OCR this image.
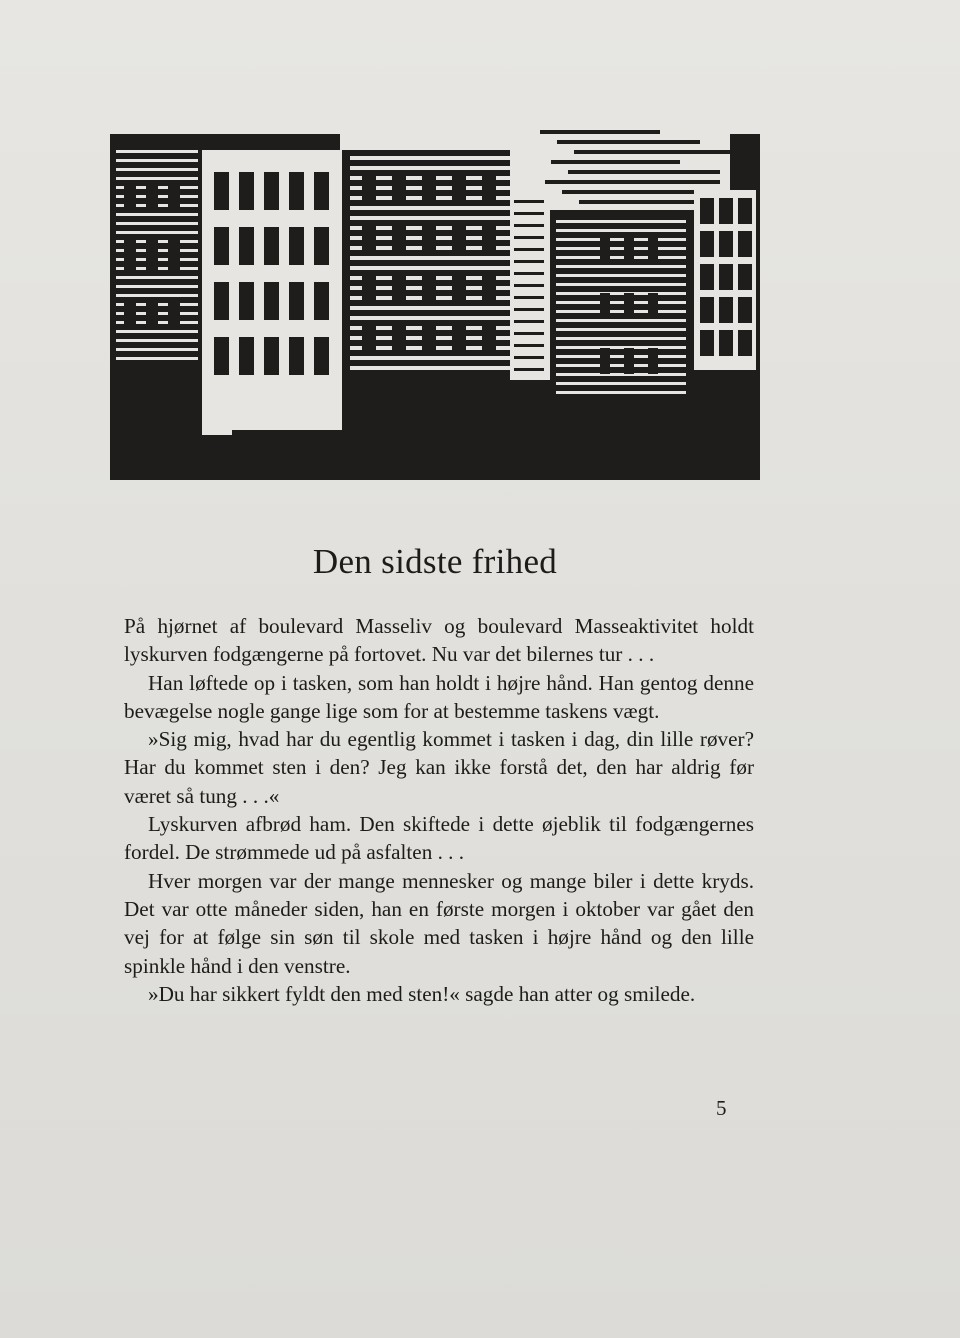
Den sidste frihed

På hjørnet af boulevard Masseliv og boulevard Masseaktivitet holdt lyskurven fodgængerne på fortovet. Nu var det bilernes tur . . .

Han løftede op i tasken, som han holdt i højre hånd. Han gentog denne bevægelse nogle gange lige som for at bestemme taskens vægt.

»Sig mig, hvad har du egentlig kommet i tasken i dag, din lille røver? Har du kommet sten i den? Jeg kan ikke forstå det, den har aldrig før været så tung . . .«

Lyskurven afbrød ham. Den skiftede i dette øjeblik til fodgængernes fordel. De strømmede ud på asfalten . . .

Hver morgen var der mange mennesker og mange biler i dette kryds. Det var otte måneder siden, han en første morgen i oktober var gået den vej for at følge sin søn til skole med tasken i højre hånd og den lille spinkle hånd i den venstre.

»Du har sikkert fyldt den med sten!« sagde han atter og smilede.

5
